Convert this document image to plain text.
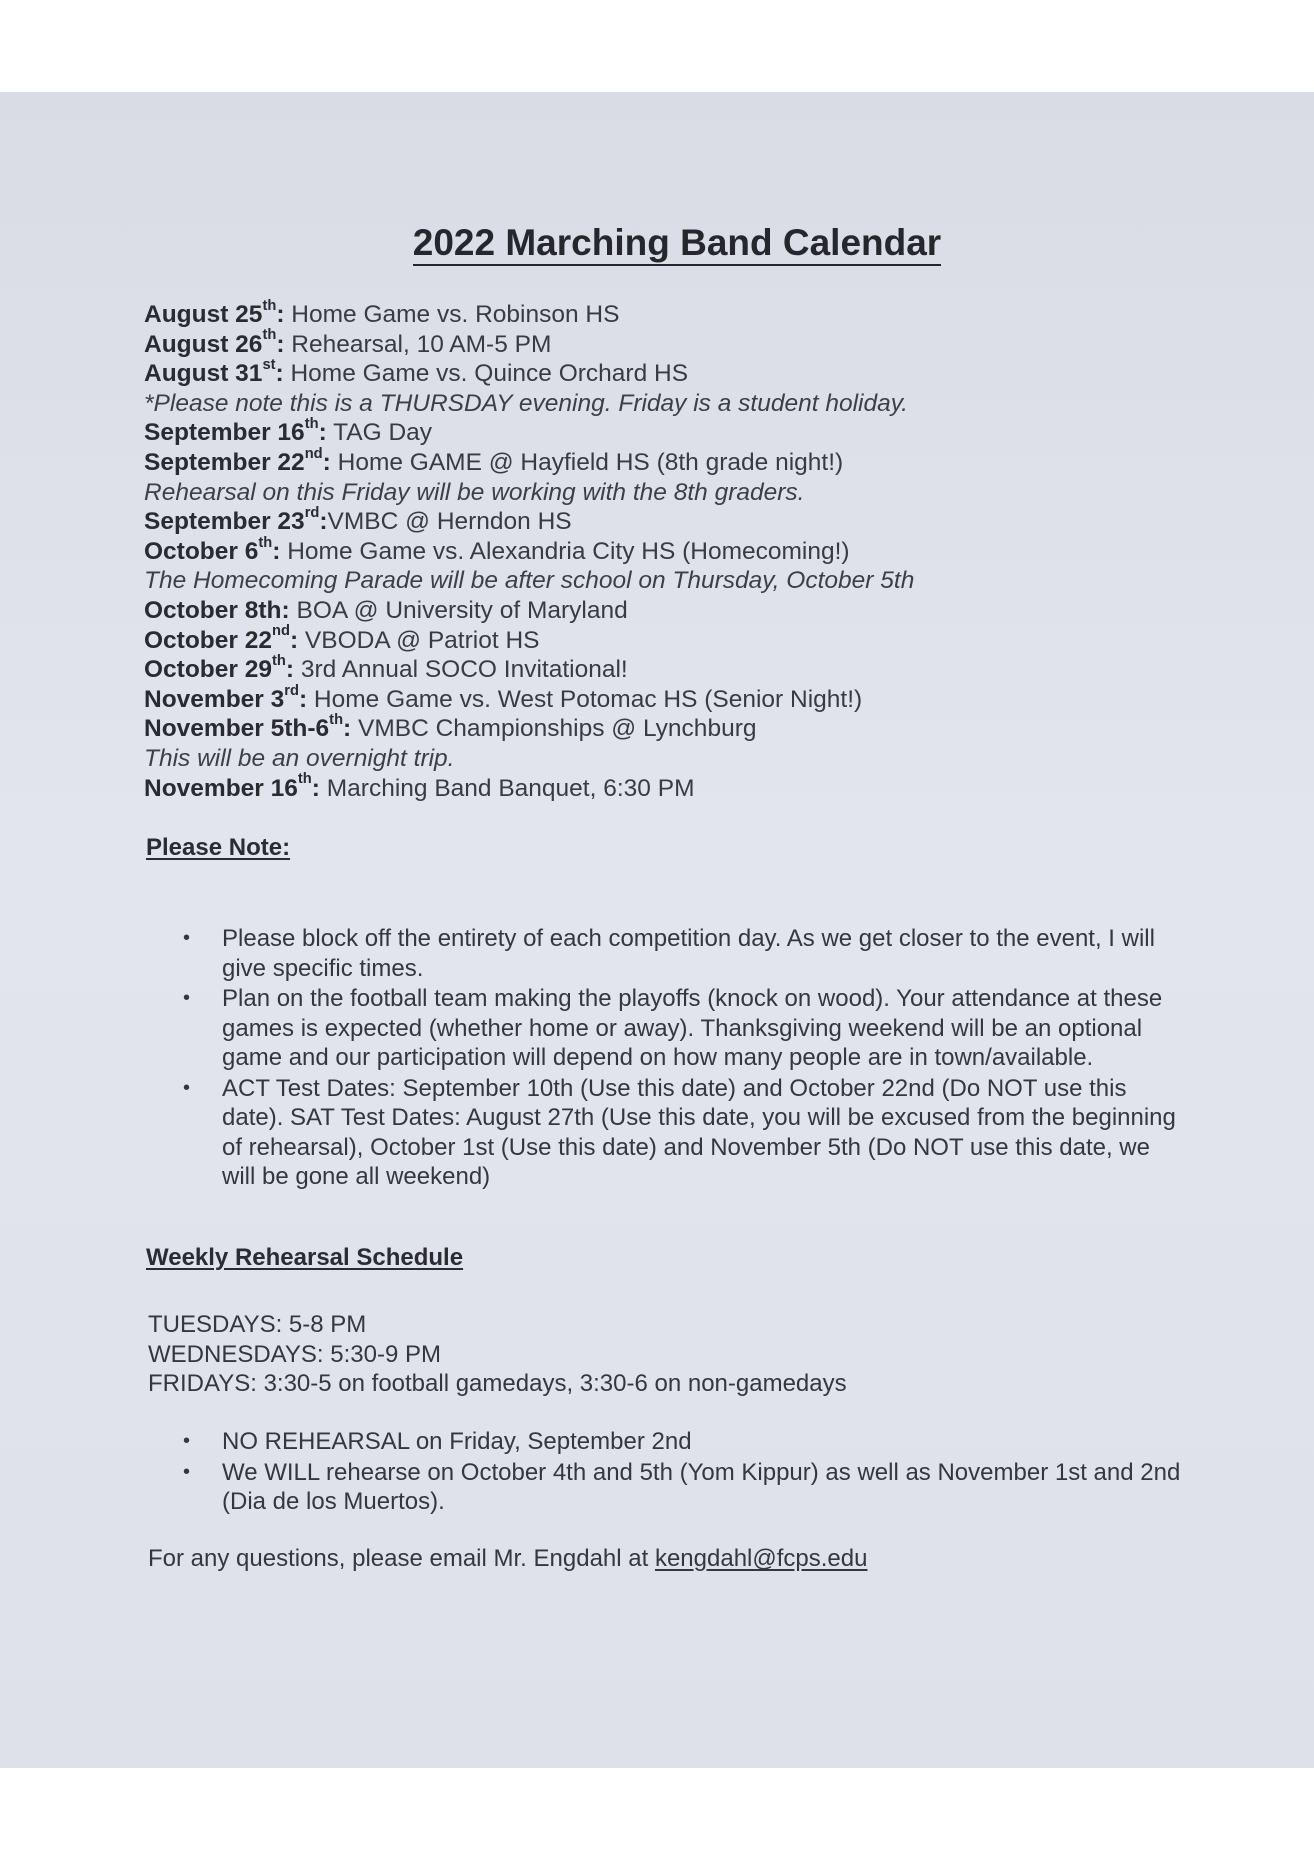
2022 Marching Band Calendar
August 25th: Home Game vs. Robinson HS
August 26th: Rehearsal, 10 AM-5 PM
August 31st: Home Game vs. Quince Orchard HS
*Please note this is a THURSDAY evening. Friday is a student holiday.
September 16th: TAG Day
September 22nd: Home GAME @ Hayfield HS (8th grade night!)
Rehearsal on this Friday will be working with the 8th graders.
September 23rd:VMBC @ Herndon HS
October 6th: Home Game vs. Alexandria City HS (Homecoming!)
The Homecoming Parade will be after school on Thursday, October 5th
October 8th: BOA @ University of Maryland
October 22nd: VBODA @ Patriot HS
October 29th: 3rd Annual SOCO Invitational!
November 3rd: Home Game vs. West Potomac HS (Senior Night!)
November 5th-6th: VMBC Championships @ Lynchburg
This will be an overnight trip.
November 16th: Marching Band Banquet, 6:30 PM
Please Note:
• Please block off the entirety of each competition day. As we get closer to the event, I will give specific times.
• Plan on the football team making the playoffs (knock on wood). Your attendance at these games is expected (whether home or away). Thanksgiving weekend will be an optional game and our participation will depend on how many people are in town/available.
• ACT Test Dates: September 10th (Use this date) and October 22nd (Do NOT use this date). SAT Test Dates: August 27th (Use this date, you will be excused from the beginning of rehearsal), October 1st (Use this date) and November 5th (Do NOT use this date, we will be gone all weekend)
Weekly Rehearsal Schedule
TUESDAYS: 5-8 PM
WEDNESDAYS: 5:30-9 PM
FRIDAYS: 3:30-5 on football gamedays, 3:30-6 on non-gamedays
• NO REHEARSAL on Friday, September 2nd
• We WILL rehearse on October 4th and 5th (Yom Kippur) as well as November 1st and 2nd (Dia de los Muertos).
For any questions, please email Mr. Engdahl at kengdahl@fcps.edu
